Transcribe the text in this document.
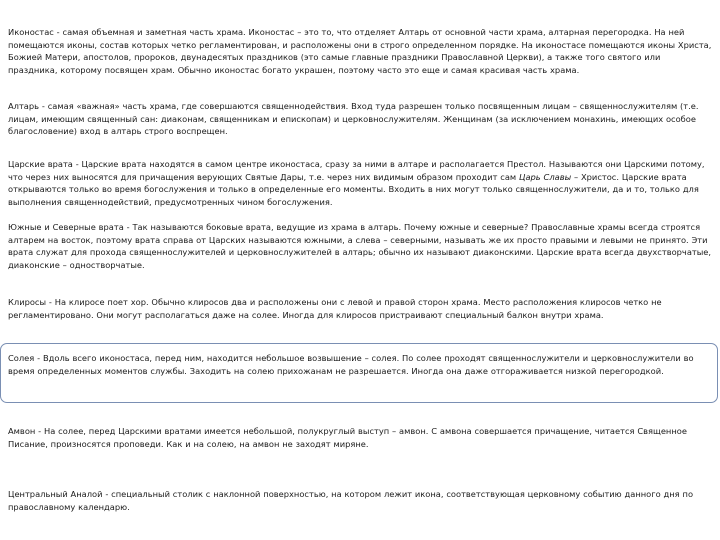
Иконостас - самая объемная и заметная часть храма. Иконостас – это то, что отделяет Алтарь от основной части храма, алтарная перегородка. На ней помещаются иконы, состав которых четко регламентирован, и расположены они в строго определенном порядке. На иконостасе помещаются иконы Христа, Божией Матери, апостолов, пророков, двунадесятых праздников (это самые главные праздники Православной Церкви), а также того святого или праздника, которому посвящен храм. Обычно иконостас богато украшен, поэтому часто это еще и самая красивая часть храма.

Алтарь - самая «важная» часть храма, где совершаются священнодействия. Вход туда разрешен только посвященным лицам – священнослужителям (т.е. лицам, имеющим священный сан: диаконам, священникам и епископам) и церковнослужителям. Женщинам (за исключением монахинь, имеющих особое благословение) вход в алтарь строго воспрещен.

Царские врата - Царские врата находятся в самом центре иконостаса, сразу за ними в алтаре и располагается Престол. Называются они Царскими потому, что через них выносятся для причащения верующих Святые Дары, т.е. через них видимым образом проходит сам Царь Славы – Христос. Царские врата открываются только во время богослужения и только в определенные его моменты. Входить в них могут только священнослужители, да и то, только для выполнения священнодействий, предусмотренных чином богослужения.

Южные и Северные врата - Так называются боковые врата, ведущие из храма в алтарь. Почему южные и северные? Православные храмы всегда строятся алтарем на восток, поэтому врата справа от Царских называются южными, а слева – северными, называть же их просто правыми и левыми не принято. Эти врата служат для прохода священнослужителей и церковнослужителей в алтарь; обычно их называют диаконскими. Царские врата всегда двухстворчатые, диаконские – одностворчатые.

Клиросы - На клиросе поет хор. Обычно клиросов два и расположены они с левой и правой сторон храма. Место расположения клиросов четко не регламентировано. Они могут располагаться даже на солее. Иногда для клиросов пристраивают специальный балкон внутри храма.

Солея - Вдоль всего иконостаса, перед ним, находится небольшое возвышение – солея. По солее проходят священнослужители и церковнослужители во время определенных моментов службы. Заходить на солею прихожанам не разрешается. Иногда она даже отгораживается низкой перегородкой.

Амвон - На солее, перед Царскими вратами имеется небольшой, полукруглый выступ – амвон. С амвона совершается причащение, читается Священное Писание, произносятся проповеди. Как и на солею, на амвон не заходят миряне.

Центральный Аналой - специальный столик с наклонной поверхностью, на котором лежит икона, соответствующая церковному событию данного дня по православному календарю.
